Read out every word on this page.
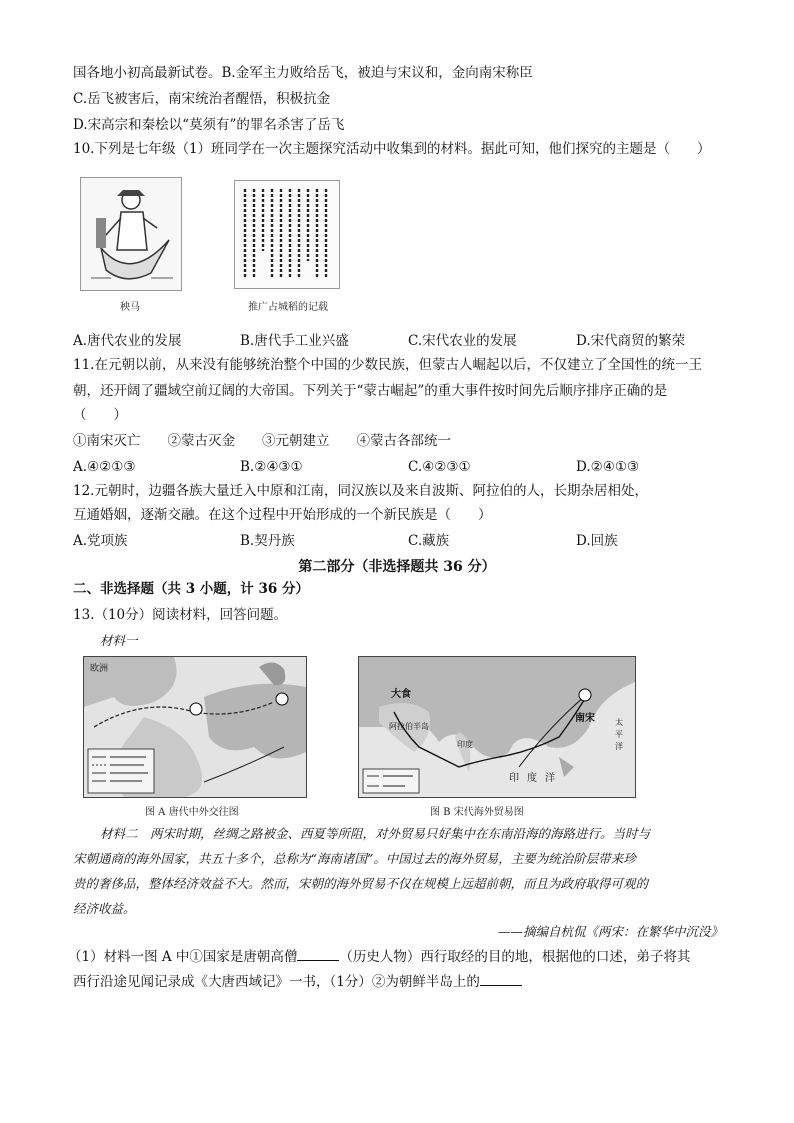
国各地小初高最新试卷。B.金军主力败给岳飞，被迫与宋议和，金向南宋称臣
C.岳飞被害后，南宋统治者醒悟，积极抗金
D.宋高宗和秦桧以“莫须有”的罪名杀害了岳飞
10.下列是七年级（1）班同学在一次主题探究活动中收集到的材料。据此可知，他们探究的主题是（　　）
秧马	推广占城稻的记载
A.唐代农业的发展	B.唐代手工业兴盛	C.宋代农业的发展	D.宋代商贸的繁荣
11.在元朝以前，从来没有能够统治整个中国的少数民族，但蒙古人崛起以后，不仅建立了全国性的统一王
朝，还开阔了疆域空前辽阔的大帝国。下列关于“蒙古崛起”的重大事件按时间先后顺序排序正确的是
（　　）
①南宋灭亡　　②蒙古灭金　　③元朝建立　　④蒙古各部统一
A.④②①③	B.②④③①	C.④②③①	D.②④①③
12.元朝时，边疆各族大量迁入中原和江南，同汉族以及来自波斯、阿拉伯的人，长期杂居相处，
互通婚姻，逐渐交融。在这个过程中开始形成的一个新民族是（　　）
A.党项族	B.契丹族	C.藏族	D.回族
第二部分（非选择题共 36 分）
二、非选择题（共 3 小题，计 36 分）
13.（10分）阅读材料，回答问题。
材料一
欧洲
图 A 唐代中外交往图
大食
阿拉伯半岛
印度
南宋	太平洋
印度洋
图 B 宋代海外贸易图
材料二　两宋时期，丝绸之路被金、西夏等所阻，对外贸易只好集中在东南沿海的海路进行。当时与
宋朝通商的海外国家，共五十多个，总称为“海南诸国”。中国过去的海外贸易，主要为统治阶层带来珍
贵的奢侈品，整体经济效益不大。然而，宋朝的海外贸易不仅在规模上远超前朝，而且为政府取得可观的
经济收益。
——摘编自杭侃《两宋：在繁华中沉没》
（1）材料一图 A 中①国家是唐朝高僧	（历史人物）西行取经的目的地，根据他的口述，弟子将其
西行沿途见闻记录成《大唐西域记》一书，（1分）②为朝鲜半岛上的
